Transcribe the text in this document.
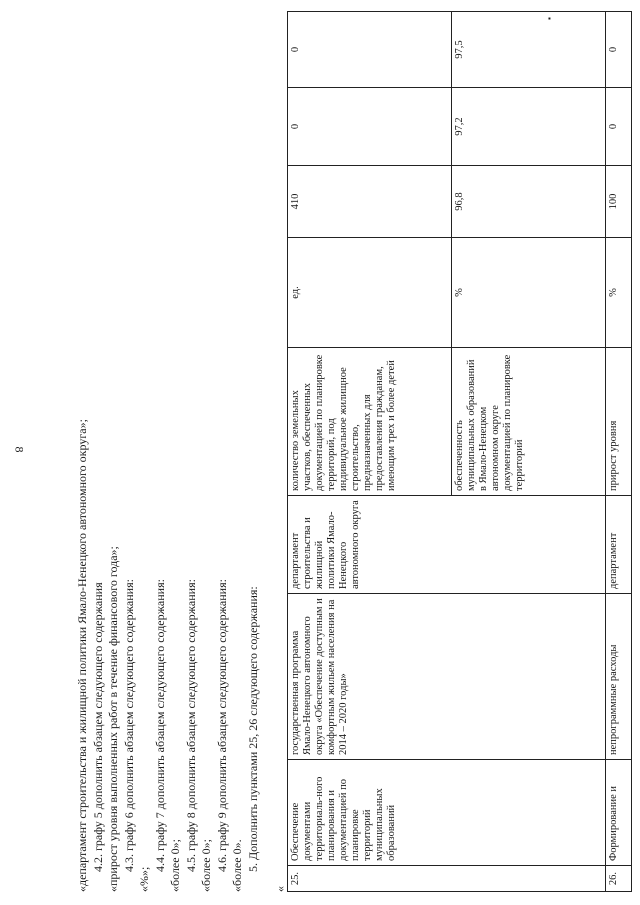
8
▪

«департамент строительства и жилищной политики Ямало-Ненецкого автономного округа»; 4.2. графу 5 дополнить абзацем следующего содержания «прирост уровня выполненных работ в течение финансового года»; 4.3. графу 6 дополнить абзацем следующего содержания:

«%»;

4.4. графу 7 дополнить абзацем следующего содержания: «более 0»; 4.5. графу 8 дополнить абзацем следующего содержания: «более 0»; 4.6. графу 9 дополнить абзацем следующего содержания: «более 0». 5. Дополнить пунктами 25, 26 следующего содержания:

«
25.	Обеспечение документами территориаль-ного планирования и документацией по планировке территорий муниципальных образований	государственная программа Ямало-Ненецкого автономного округа «Обеспечение доступным и комфортным жильем населения на 2014 – 2020 годы»	департамент строительства и жилищной политики Ямало-Ненецкого автономного округа	количество земельных участков, обеспеченных документацией по планировке территорий, под индивидуальное жилищное строительство, предназначенных для предоставления гражданам, имеющим трех и более детей	ед.	410	0	0
				обеспеченность муниципальных образований в Ямало-Ненецком автономном округе документацией по планировке территорий	%	96,8	97,2	97,5
26.	Формирование и	непрограммные расходы	департамент	прирост уровня	%	100	0	0
